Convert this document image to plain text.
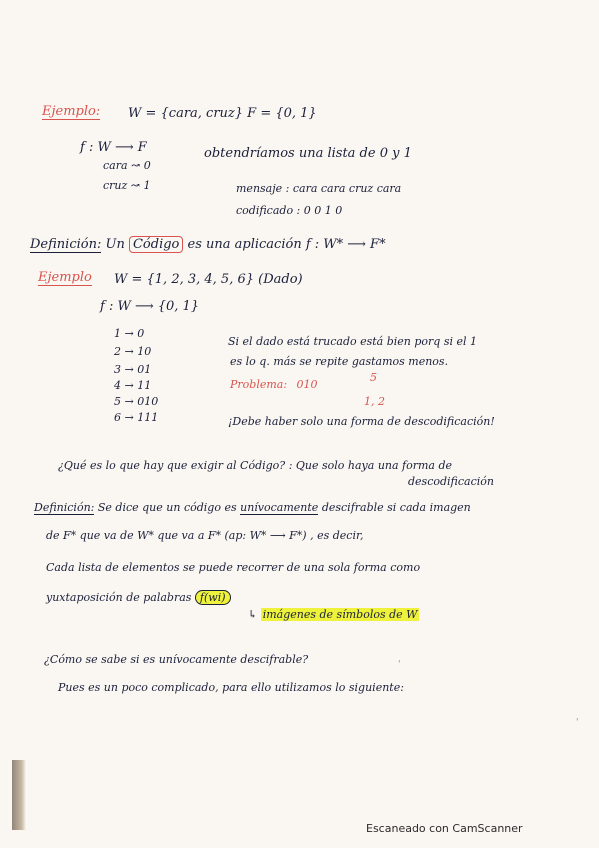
Ejemplo: W = {cara, cruz} F = {0, 1}
f : W ⟶ F	obtendríamos una lista de 0 y 1
cara ↝ 0
cruz ↝ 1	mensaje : cara cara cruz cara
codificado : 0 0 1 0
Definición: Un Código es una aplicación f : W* ⟶ F*
Ejemplo W = {1, 2, 3, 4, 5, 6} (Dado)
f : W ⟶ {0, 1}
1 → 0
2 → 10
3 → 01
4 → 11
5 → 010
6 → 111
Si el dado está trucado está bien porq si el 1
es lo q. más se repite gastamos menos.
Problema: 010
5
1, 2
¡Debe haber solo una forma de descodificación!
¿Qué es lo que hay que exigir al Código? : Que solo haya una forma de
descodificación
Definición: Se dice que un código es unívocamente descifrable si cada imagen
de F* que va de W* que va a F* (ap: W* ⟶ F*) , es decir,
Cada lista de elementos se puede recorrer de una sola forma como
yuxtaposición de palabras f(wi)
↳ imágenes de símbolos de W
¿Cómo se sabe si es unívocamente descifrable?
Pues es un poco complicado, para ello utilizamos lo siguiente:
'
'
Escaneado con CamScanner
